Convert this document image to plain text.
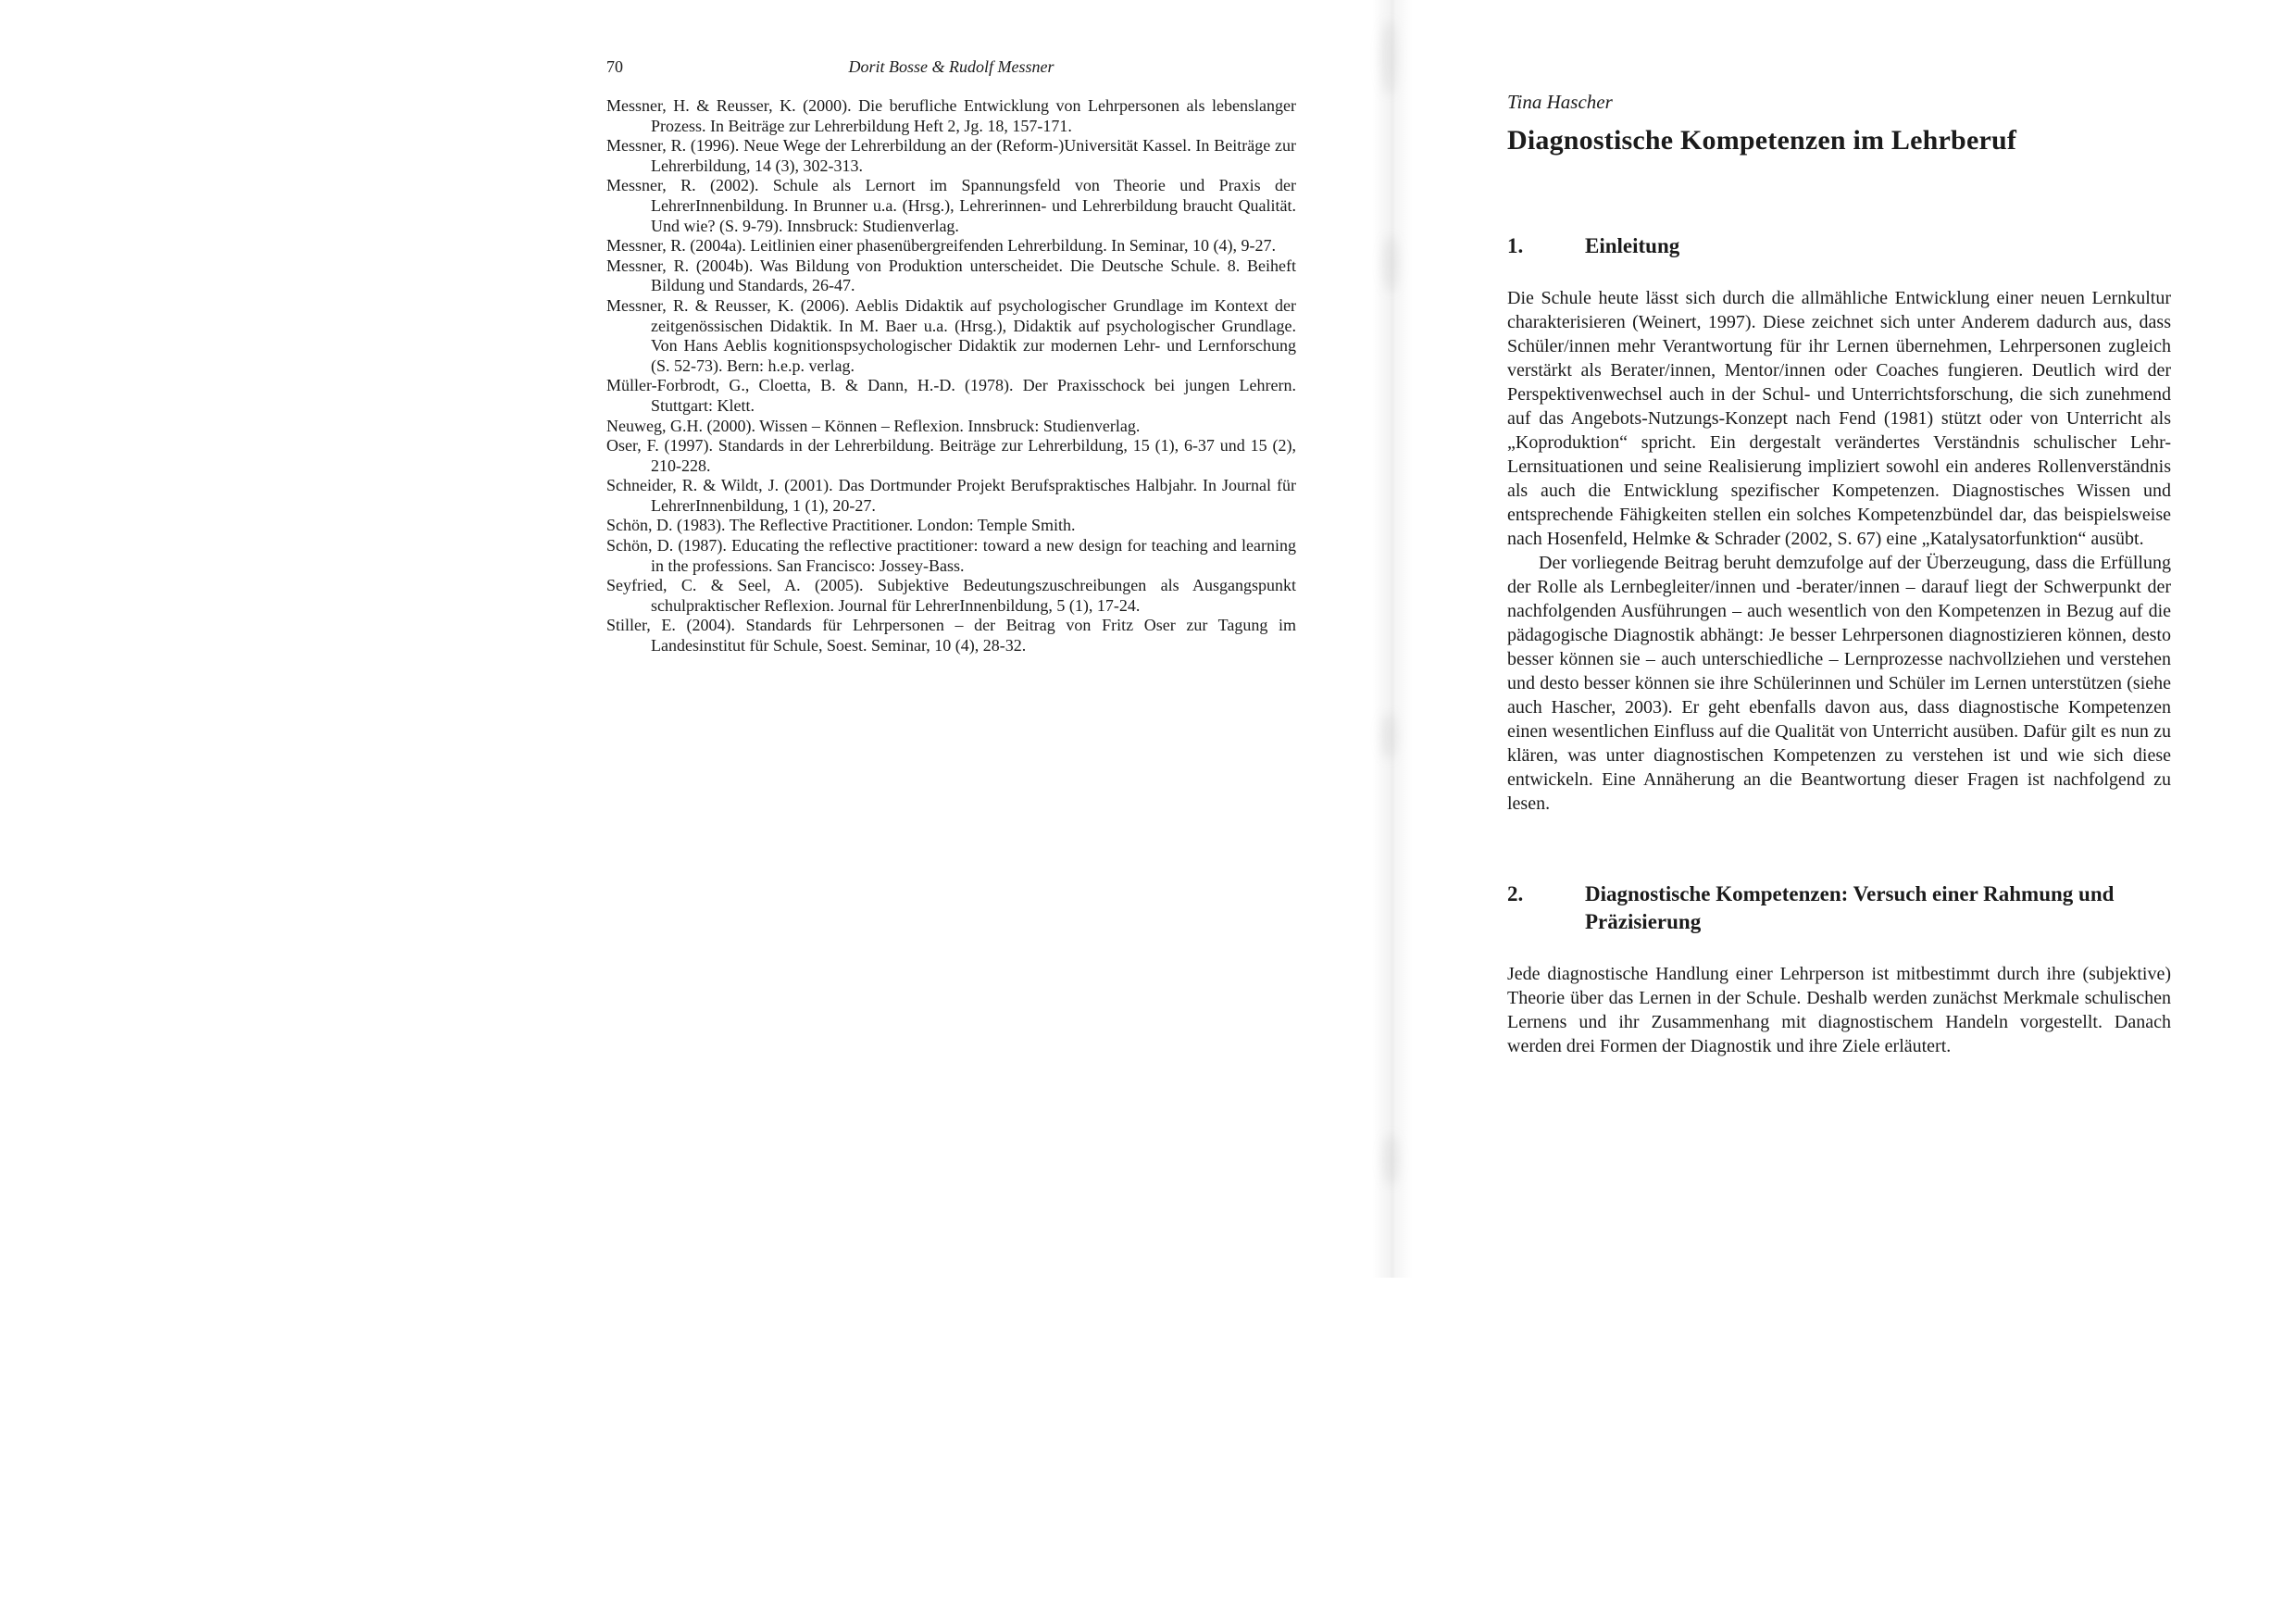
70	Dorit Bosse & Rudolf Messner
Messner, H. & Reusser, K. (2000). Die berufliche Entwicklung von Lehrpersonen als lebenslanger Prozess. In Beiträge zur Lehrerbildung Heft 2, Jg. 18, 157-171.
Messner, R. (1996). Neue Wege der Lehrerbildung an der (Reform-)Universität Kassel. In Beiträge zur Lehrerbildung, 14 (3), 302-313.
Messner, R. (2002). Schule als Lernort im Spannungsfeld von Theorie und Praxis der LehrerInnenbildung. In Brunner u.a. (Hrsg.), Lehrerinnen- und Lehrerbildung braucht Qualität. Und wie? (S. 9-79). Innsbruck: Studienverlag.
Messner, R. (2004a). Leitlinien einer phasenübergreifenden Lehrerbildung. In Seminar, 10 (4), 9-27.
Messner, R. (2004b). Was Bildung von Produktion unterscheidet. Die Deutsche Schule. 8. Beiheft Bildung und Standards, 26-47.
Messner, R. & Reusser, K. (2006). Aeblis Didaktik auf psychologischer Grundlage im Kontext der zeitgenössischen Didaktik. In M. Baer u.a. (Hrsg.), Didaktik auf psychologischer Grundlage. Von Hans Aeblis kognitionspsychologischer Didaktik zur modernen Lehr- und Lernforschung (S. 52-73). Bern: h.e.p. verlag.
Müller-Forbrodt, G., Cloetta, B. & Dann, H.-D. (1978). Der Praxisschock bei jungen Lehrern. Stuttgart: Klett.
Neuweg, G.H. (2000). Wissen – Können – Reflexion. Innsbruck: Studienverlag.
Oser, F. (1997). Standards in der Lehrerbildung. Beiträge zur Lehrerbildung, 15 (1), 6-37 und 15 (2), 210-228.
Schneider, R. & Wildt, J. (2001). Das Dortmunder Projekt Berufspraktisches Halbjahr. In Journal für LehrerInnenbildung, 1 (1), 20-27.
Schön, D. (1983). The Reflective Practitioner. London: Temple Smith.
Schön, D. (1987). Educating the reflective practitioner: toward a new design for teaching and learning in the professions. San Francisco: Jossey-Bass.
Seyfried, C. & Seel, A. (2005). Subjektive Bedeutungszuschreibungen als Ausgangspunkt schulpraktischer Reflexion. Journal für LehrerInnenbildung, 5 (1), 17-24.
Stiller, E. (2004). Standards für Lehrpersonen – der Beitrag von Fritz Oser zur Tagung im Landesinstitut für Schule, Soest. Seminar, 10 (4), 28-32.
Tina Hascher
Diagnostische Kompetenzen im Lehrberuf
1.	Einleitung

Die Schule heute lässt sich durch die allmähliche Entwicklung einer neuen Lernkultur charakterisieren (Weinert, 1997). Diese zeichnet sich unter Anderem dadurch aus, dass Schüler/innen mehr Verantwortung für ihr Lernen übernehmen, Lehrpersonen zugleich verstärkt als Berater/innen, Mentor/innen oder Coaches fungieren. Deutlich wird der Perspektivenwechsel auch in der Schul- und Unterrichtsforschung, die sich zunehmend auf das Angebots-Nutzungs-Konzept nach Fend (1981) stützt oder von Unterricht als „Koproduktion“ spricht. Ein dergestalt verändertes Verständnis schulischer Lehr-Lernsituationen und seine Realisierung impliziert sowohl ein anderes Rollenverständnis als auch die Entwicklung spezifischer Kompetenzen. Diagnostisches Wissen und entsprechende Fähigkeiten stellen ein solches Kompetenzbündel dar, das beispielsweise nach Hosenfeld, Helmke & Schrader (2002, S. 67) eine „Katalysatorfunktion“ ausübt.

Der vorliegende Beitrag beruht demzufolge auf der Überzeugung, dass die Erfüllung der Rolle als Lernbegleiter/innen und -berater/innen – darauf liegt der Schwerpunkt der nachfolgenden Ausführungen – auch wesentlich von den Kompetenzen in Bezug auf die pädagogische Diagnostik abhängt: Je besser Lehrpersonen diagnostizieren können, desto besser können sie – auch unterschiedliche – Lernprozesse nachvollziehen und verstehen und desto besser können sie ihre Schülerinnen und Schüler im Lernen unterstützen (siehe auch Hascher, 2003). Er geht ebenfalls davon aus, dass diagnostische Kompetenzen einen wesentlichen Einfluss auf die Qualität von Unterricht ausüben. Dafür gilt es nun zu klären, was unter diagnostischen Kompetenzen zu verstehen ist und wie sich diese entwickeln. Eine Annäherung an die Beantwortung dieser Fragen ist nachfolgend zu lesen.

2.	Diagnostische Kompetenzen: Versuch einer Rahmung und Präzisierung

Jede diagnostische Handlung einer Lehrperson ist mitbestimmt durch ihre (subjektive) Theorie über das Lernen in der Schule. Deshalb werden zunächst Merkmale schulischen Lernens und ihr Zusammenhang mit diagnostischem Handeln vorgestellt. Danach werden drei Formen der Diagnostik und ihre Ziele erläutert.
